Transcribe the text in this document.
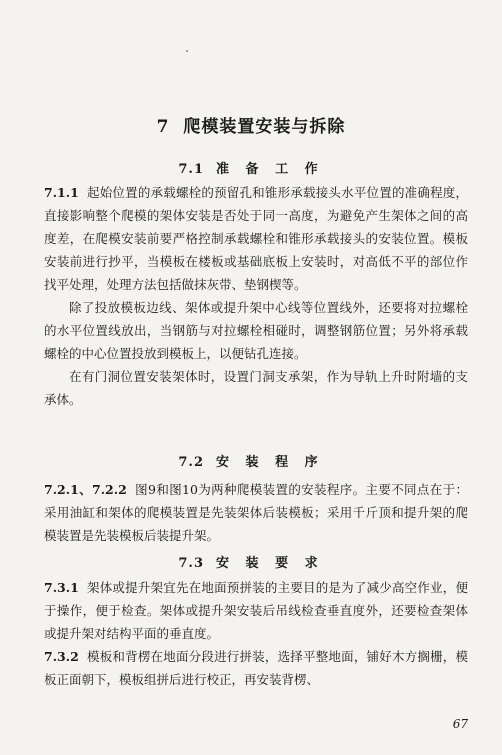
7 爬模装置安装与拆除
7.1 准 备 工 作
7.1.1 起始位置的承载螺栓的预留孔和锥形承载接头水平位置的准确程度，直接影响整个爬模的架体安装是否处于同一高度，为避免产生架体之间的高度差，在爬模安装前要严格控制承载螺栓和锥形承载接头的安装位置。模板安装前进行抄平，当模板在楼板或基础底板上安装时，对高低不平的部位作找平处理，处理方法包括做抹灰带、垫钢楔等。
除了投放模板边线、架体或提升架中心线等位置线外，还要将对拉螺栓的水平位置线放出，当钢筋与对拉螺栓相碰时，调整钢筋位置；另外将承载螺栓的中心位置投放到模板上，以便钻孔连接。
在有门洞位置安装架体时，设置门洞支承架，作为导轨上升时附墙的支承体。
7.2 安 装 程 序
7.2.1、7.2.2 图9和图10为两种爬模装置的安装程序。主要不同点在于：采用油缸和架体的爬模装置是先装架体后装模板；采用千斤顶和提升架的爬模装置是先装模板后装提升架。
7.3 安 装 要 求
7.3.1 架体或提升架宜先在地面预拼装的主要目的是为了减少高空作业，便于操作，便于检查。架体或提升架安装后吊线检查垂直度外，还要检查架体或提升架对结构平面的垂直度。
7.3.2 模板和背楞在地面分段进行拼装，选择平整地面，铺好木方搁栅，模板正面朝下，模板组拼后进行校正，再安装背楞、
67
